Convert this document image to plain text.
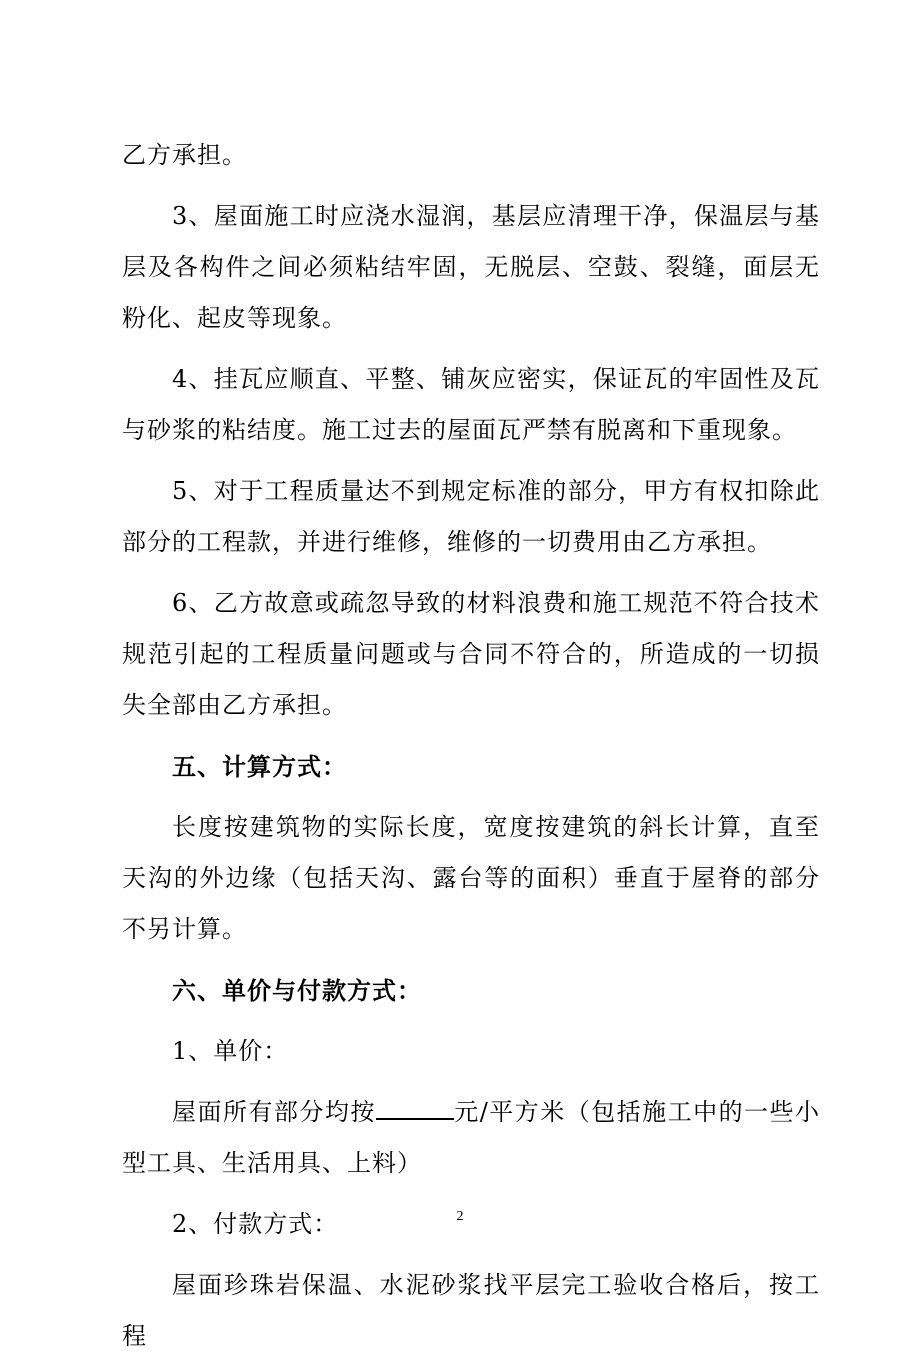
乙方承担。

3、屋面施工时应浇水湿润，基层应清理干净，保温层与基层及各构件之间必须粘结牢固，无脱层、空鼓、裂缝，面层无粉化、起皮等现象。

4、挂瓦应顺直、平整、铺灰应密实，保证瓦的牢固性及瓦与砂浆的粘结度。施工过去的屋面瓦严禁有脱离和下重现象。

5、对于工程质量达不到规定标准的部分，甲方有权扣除此部分的工程款，并进行维修，维修的一切费用由乙方承担。

6、乙方故意或疏忽导致的材料浪费和施工规范不符合技术规范引起的工程质量问题或与合同不符合的，所造成的一切损失全部由乙方承担。

五、计算方式：

长度按建筑物的实际长度，宽度按建筑的斜长计算，直至天沟的外边缘（包括天沟、露台等的面积）垂直于屋脊的部分不另计算。

六、单价与付款方式：

1、单价：

屋面所有部分均按	元/平方米（包括施工中的一些小型工具、生活用具、上料）

2、付款方式：

屋面珍珠岩保温、水泥砂浆找平层完工验收合格后，按工程

2
